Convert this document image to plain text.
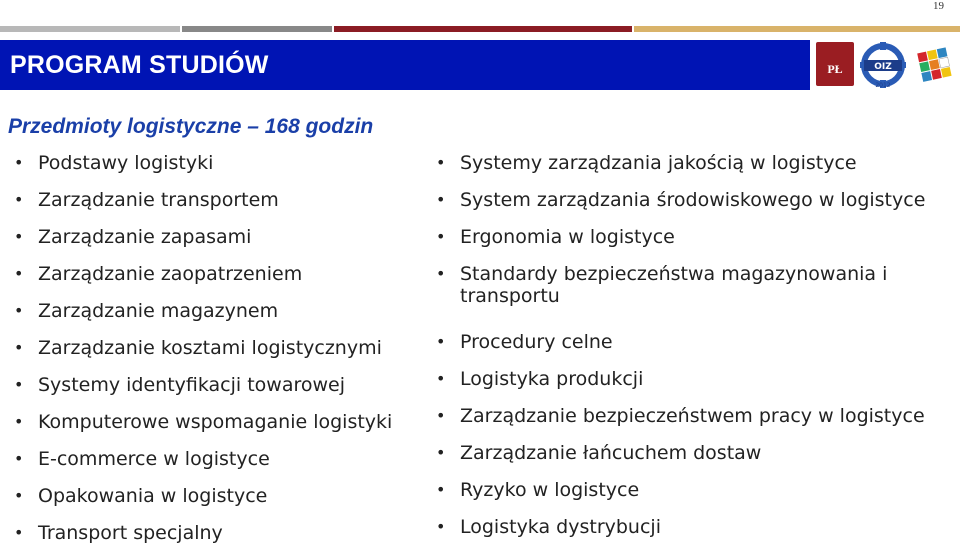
19
PROGRAM STUDIÓW	PŁ	OIZ
2012
Przedmioty logistyczne – 168 godzin
• Podstawy logistyki
• Zarządzanie transportem
• Zarządzanie zapasami
• Zarządzanie zaopatrzeniem
• Zarządzanie magazynem
• Zarządzanie kosztami logistycznymi
• Systemy identyfikacji towarowej
• Komputerowe wspomaganie logistyki
• E-commerce w logistyce
• Opakowania w logistyce
• Transport specjalny
• Systemy zarządzania jakością w logistyce
• System zarządzania środowiskowego w logistyce
• Ergonomia w logistyce
• Standardy bezpieczeństwa magazynowania i transportu
• Procedury celne
• Logistyka produkcji
• Zarządzanie bezpieczeństwem pracy w logistyce
• Zarządzanie łańcuchem dostaw
• Ryzyko w logistyce
• Logistyka dystrybucji
